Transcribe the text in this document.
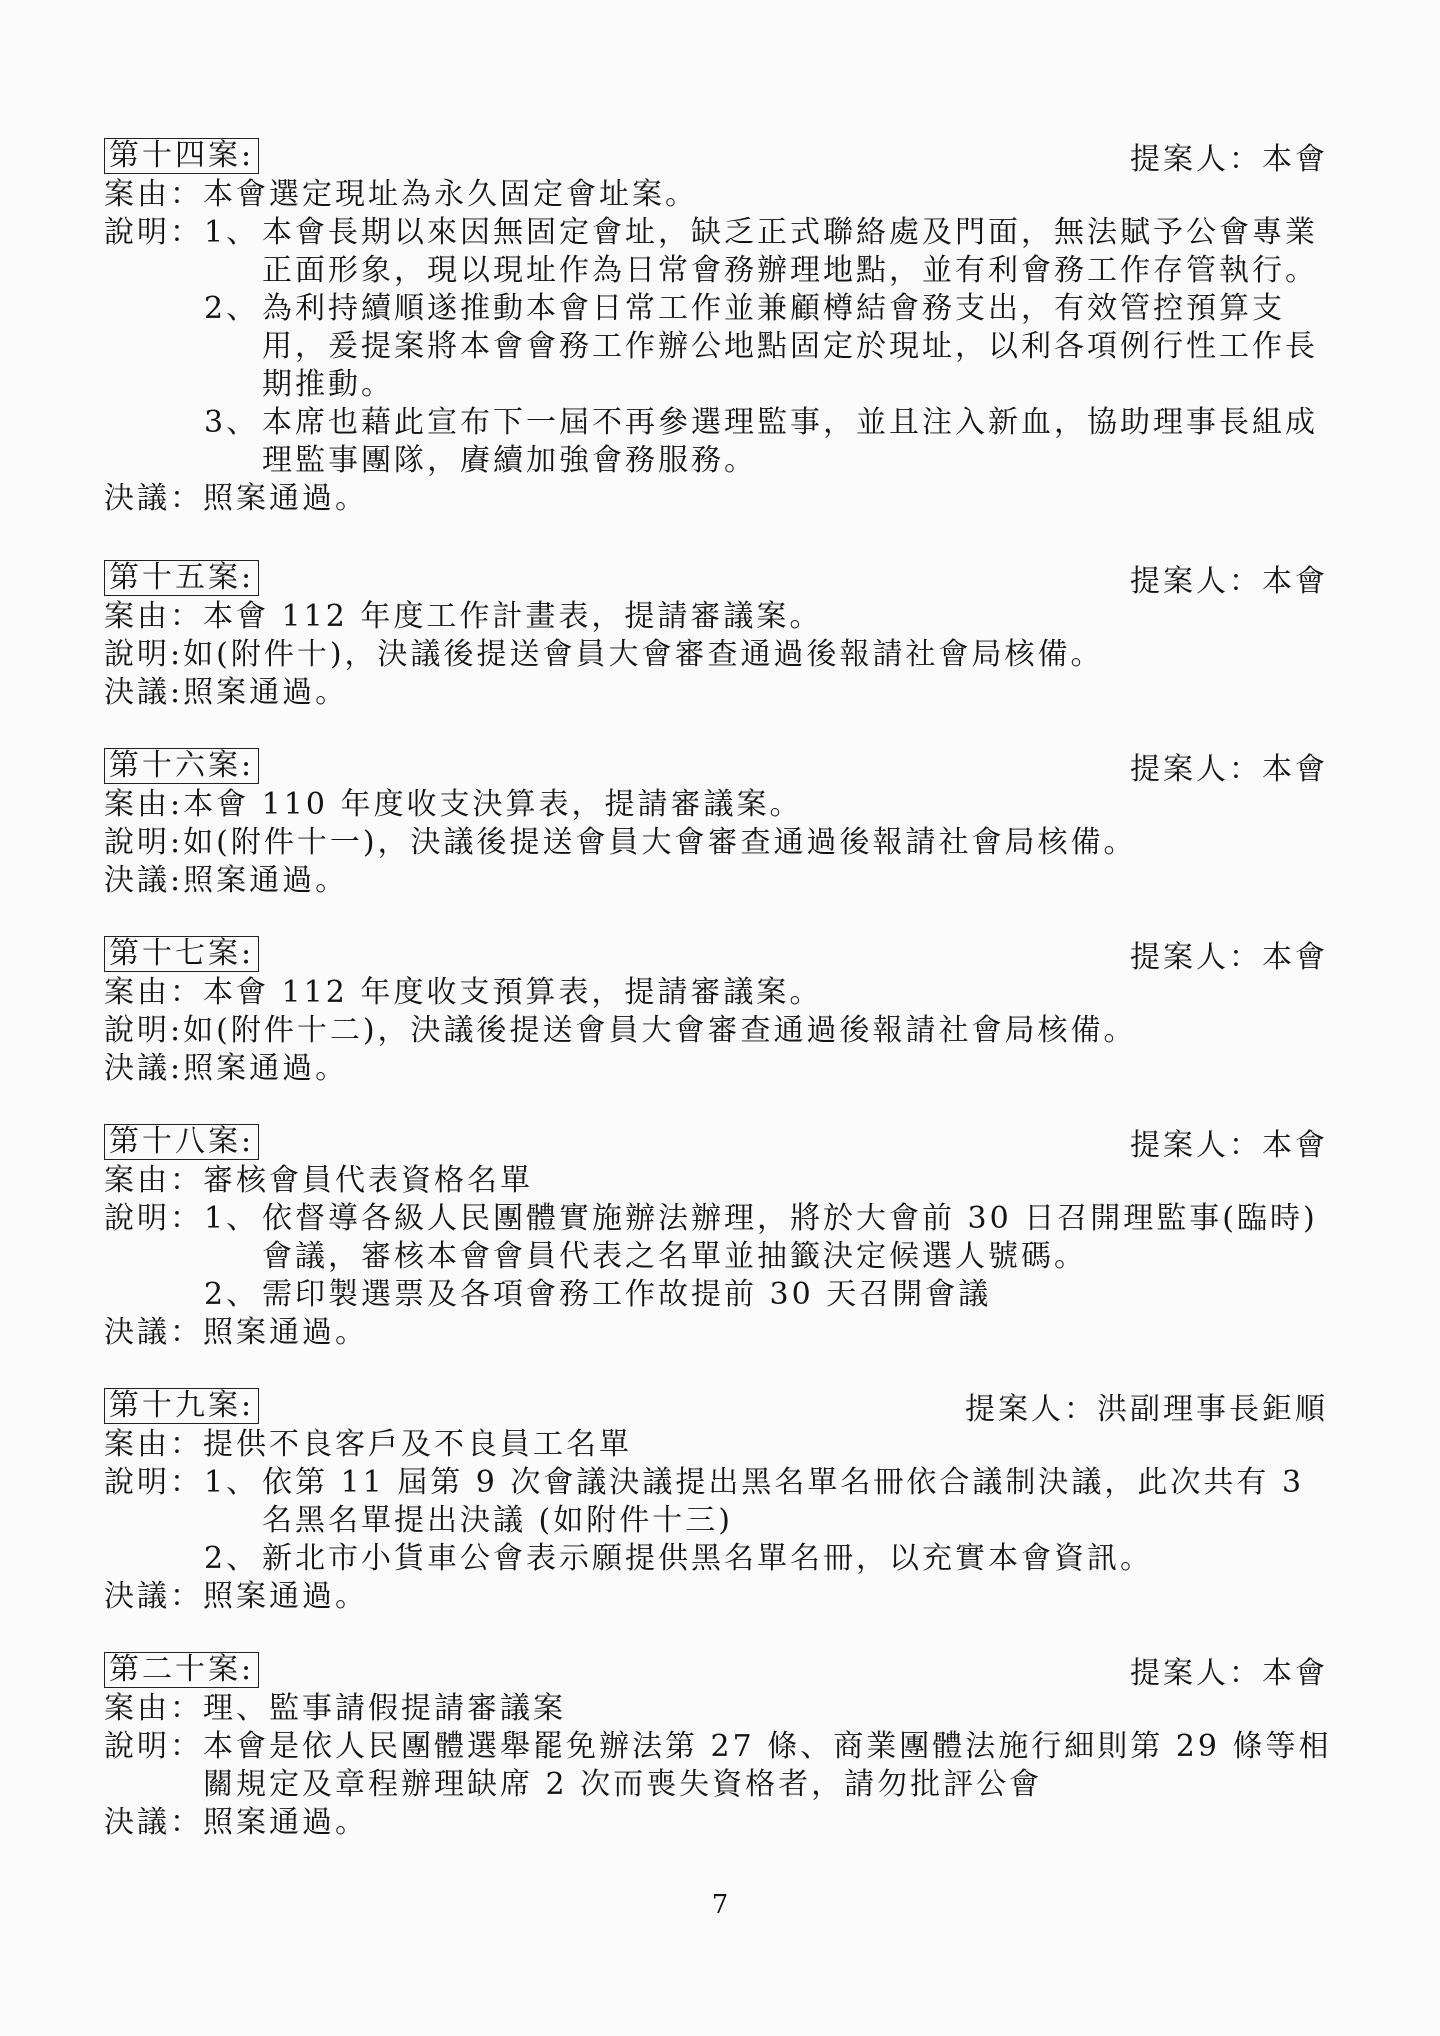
第十四案:	提案人：本會
案由： 本會選定現址為永久固定會址案。
說明： 1、 本會長期以來因無固定會址，缺乏正式聯絡處及門面，無法賦予公會專業正面形象，現以現址作為日常會務辦理地點，並有利會務工作存管執行。
2、 為利持續順遂推動本會日常工作並兼顧樽結會務支出，有效管控預算支用，爰提案將本會會務工作辦公地點固定於現址，以利各項例行性工作長期推動。
3、 本席也藉此宣布下一屆不再參選理監事，並且注入新血，協助理事長組成理監事團隊，賡續加強會務服務。
決議： 照案通過。
第十五案:	提案人：本會
案由： 本會 112 年度工作計畫表，提請審議案。
說明: 如(附件十)，決議後提送會員大會審查通過後報請社會局核備。
決議: 照案通過。
第十六案:	提案人：本會
案由: 本會 110 年度收支決算表，提請審議案。
說明: 如(附件十一)，決議後提送會員大會審查通過後報請社會局核備。
決議: 照案通過。
第十七案:	提案人：本會
案由： 本會 112 年度收支預算表，提請審議案。
說明: 如(附件十二)，決議後提送會員大會審查通過後報請社會局核備。
決議: 照案通過。
第十八案:	提案人：本會
案由： 審核會員代表資格名單
說明： 1、 依督導各級人民團體實施辦法辦理，將於大會前 30 日召開理監事(臨時)會議，審核本會會員代表之名單並抽籤決定候選人號碼。
2、 需印製選票及各項會務工作故提前 30 天召開會議
決議： 照案通過。
第十九案:	提案人：洪副理事長鉅順
案由： 提供不良客戶及不良員工名單
說明： 1、 依第 11 屆第 9 次會議決議提出黑名單名冊依合議制決議，此次共有 3 名黑名單提出決議 (如附件十三)
2、 新北市小貨車公會表示願提供黑名單名冊，以充實本會資訊。
決議： 照案通過。
第二十案:	提案人：本會
案由： 理、監事請假提請審議案
說明： 本會是依人民團體選舉罷免辦法第 27 條、商業團體法施行細則第 29 條等相關規定及章程辦理缺席 2 次而喪失資格者，請勿批評公會
決議： 照案通過。
7
